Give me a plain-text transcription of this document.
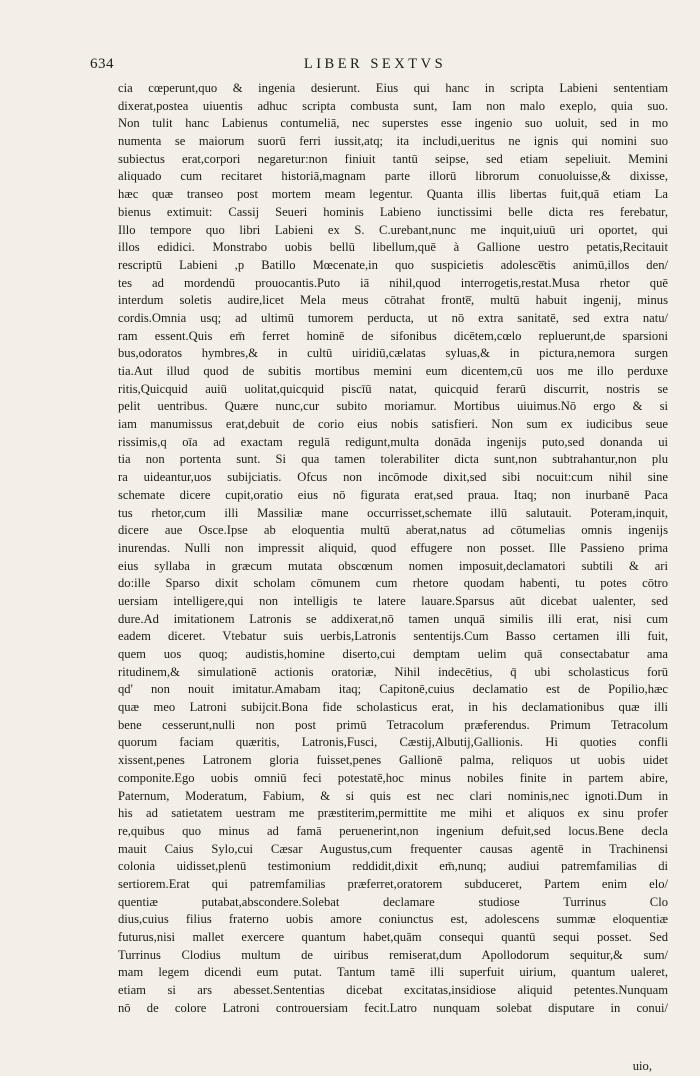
634	LIBER SEXTVS
cia cœperunt,quo & ingenia desierunt. Eius qui hanc in scripta Labieni sententiam
dixerat,postea uiuentis adhuc scripta combusta sunt, Iam non malo exeplo, quia suo.
Non tulit hanc Labienus contumeliā, nec superstes esse ingenio suo uoluit, sed in mo
numenta se maiorum suorū ferri iussit,atq; ita includi,ueritus ne ignis qui nomini suo
subiectus erat,corpori negaretur:non finiuit tantū seipse, sed etiam sepeliuit. Memini
aliquado cum recitaret historiā,magnam parte illorū librorum conuoluisse,& dixisse,
hæc quæ transeo post mortem meam legentur. Quanta illis libertas fuit,quā etiam La
bienus extimuit: Cassij Seueri hominis Labieno iunctissimi belle dicta res ferebatur,
Illo tempore quo libri Labieni ex S. C.urebant,nunc me inquit,uiuū uri oportet, qui
illos edidici. Monstrabo uobis bellū libellum,quē à Gallione uestro petatis,Recitauit
rescriptū Labieni ,p Batillo Mœcenate,in quo suspicietis adolesce̅tis animū,illos den/
tes ad mordendū prouocantis.Puto iā nihil,quod interrogetis,restat.Musa rhetor quē
interdum soletis audire,licet Mela meus cōtrahat fronte̅, multū habuit ingenij, minus
cordis.Omnia usq; ad ultimū tumorem perducta, ut nō extra sanitatē, sed extra natu/
ram essent.Quis em̄ ferret hominē de sifonibus dicētem,cœlo repluerunt,de sparsioni
bus,odoratos hymbres,& in cultū uiridiū,cælatas syluas,& in pictura,nemora surgen
tia.Aut illud quod de subitis mortibus memini eum dicentem,cū uos me illo perduxe
ritis,Quicquid auiū uolitat,quicquid piscīū natat, quicquid ferarū discurrit, nostris se
pelit uentribus. Quære nunc,cur subito moriamur. Mortibus uiuimus.Nō ergo & si
iam manumissus erat,debuit de corio eius nobis satisfieri. Non sum ex iudicibus seue
rissimis,q oīa ad exactam regulā redigunt,multa donāda ingenijs puto,sed donanda ui
tia non portenta sunt. Si qua tamen tolerabiliter dicta sunt,non subtrahantur,non plu
ra uideantur,uos subijciatis. Ofcus non incōmode dixit,sed sibi nocuit:cum nihil sine
schemate dicere cupit,oratio eius nō figurata erat,sed praua. Itaq; non inurbanē Paca
tus rhetor,cum illi Massiliæ mane occurrisset,schemate illū salutauit. Poteram,inquit,
dicere aue Osce.Ipse ab eloquentia multū aberat,natus ad cōtumelias omnis ingenijs
inurendas. Nulli non impressit aliquid, quod effugere non posset. Ille Passieno prima
eius syllaba in græcum mutata obscœnum nomen imposuit,declamatori subtili & ari
do:ille Sparso dixit scholam cōmunem cum rhetore quodam habenti, tu potes cōtro
uersiam intelligere,qui non intelligis te latere lauare.Sparsus aūt dicebat ualenter, sed
dure.Ad imitationem Latronis se addixerat,nō tamen unquā similis illi erat, nisi cum
eadem diceret. Vtebatur suis uerbis,Latronis sententijs.Cum Basso certamen illi fuit,
quem uos quoq; audistis,homine diserto,cui demptam uelim quā consectabatur ama
ritudinem,& simulationē actionis oratoriæ, Nihil indecētius, q̄ ubi scholasticus forū
qd' non nouit imitatur.Amabam itaq; Capitonē,cuius declamatio est de Popilio,hæc
quæ meo Latroni subijcit.Bona fide scholasticus erat, in his declamationibus quæ illi
bene cesserunt,nulli non post primū Tetracolum præferendus. Primum Tetracolum
quorum faciam quæritis, Latronis,Fusci, Cæstij,Albutij,Gallionis. Hi quoties confli
xissent,penes Latronem gloria fuisset,penes Gallionē palma, reliquos ut uobis uidet
componite.Ego uobis omniū feci potestatē,hoc minus nobiles finite in partem abire,
Paternum, Moderatum, Fabium, & si quis est nec clari nominis,nec ignoti.Dum in
his ad satietatem uestram me præstiterim,permittite me mihi et aliquos ex sinu profer
re,quibus quo minus ad famā peruenerint,non ingenium defuit,sed locus.Bene decla
mauit Caius Sylo,cui Cæsar Augustus,cum frequenter causas agentē in Trachinensi
colonia uidisset,plenū testimonium reddidit,dixit em̄,nunq; audiui patremfamilias di
sertiorem.Erat qui patremfamilias præferret,oratorem subduceret, Partem enim elo/
quentiæ putabat,abscondere.Solebat declamare studiose Turrinus Clo
dius,cuius filius fraterno uobis amore coniunctus est, adolescens summæ eloquentiæ
futurus,nisi mallet exercere quantum habet,quām consequi quantū sequi posset. Sed
Turrinus Clodius multum de uiribus remiserat,dum Apollodorum sequitur,& sum/
mam legem dicendi eum putat. Tantum tamē illi superfuit uirium, quantum ualeret,
etiam si ars abesset.Sententias dicebat excitatas,insidiose aliquid petentes.Nunquam
nō de colore Latroni controuersiam fecit.Latro nunquam solebat disputare in conui/
uio,
